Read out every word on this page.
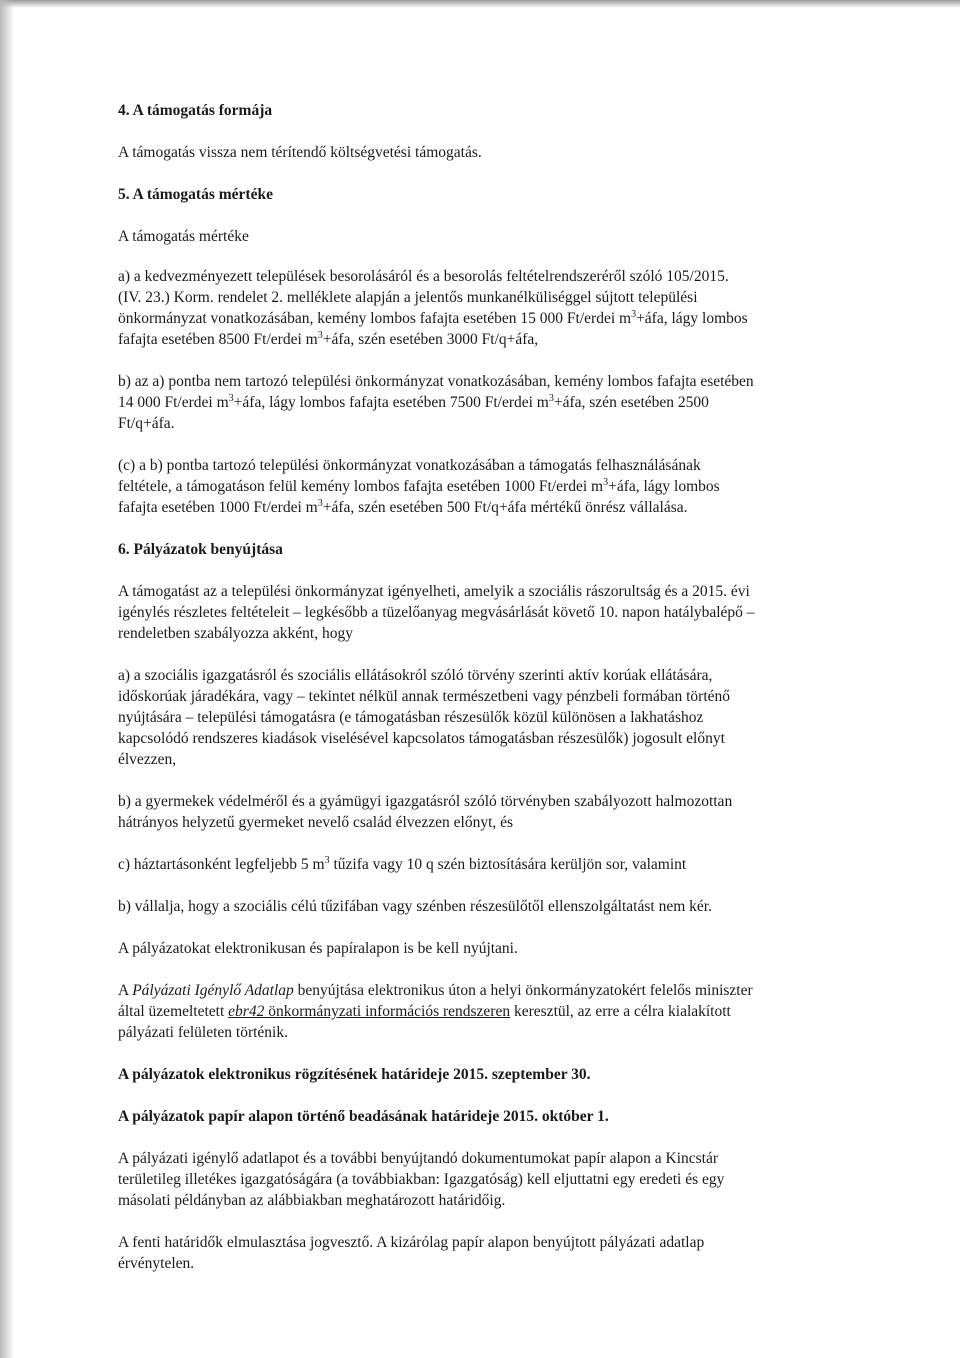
4. A támogatás formája

A támogatás vissza nem térítendő költségvetési támogatás.

5. A támogatás mértéke

A támogatás mértéke

a) a kedvezményezett települések besorolásáról és a besorolás feltételrendszeréről szóló 105/2015.

(IV. 23.) Korm. rendelet 2. melléklete alapján a jelentős munkanélküliséggel sújtott települési

önkormányzat vonatkozásában, kemény lombos fafajta esetében 15 000 Ft/erdei $m^3+áfa$, lágy lombos

fafajta esetében 8500 Ft/erdei $m^3+áfa$, szén esetében 3000 Ft/q+áfa,

b) az a) pontba nem tartozó települési önkormányzat vonatkozásában, kemény lombos fafajta esetében

14 000 Ft/erdei $m^3+áfa$, lágy lombos fafajta esetében 7500 Ft/erdei $m^3+áfa$, szén esetében 2500

Ft/q+áfa.

(c) a b) pontba tartozó települési önkormányzat vonatkozásában a támogatás felhasználásának

feltétele, a támogatáson felül kemény lombos fafajta esetében 1000 Ft/erdei $m^3+áfa$, lágy lombos

fafajta esetében 1000 Ft/erdei $m^3+áfa$, szén esetében 500 Ft/q+áfa mértékű önrész vállalása.

6. Pályázatok benyújtása

A támogatást az a települési önkormányzat igényelheti, amelyik a szociális rászorultság és a 2015. évi

igénylés részletes feltételeit – legkésőbb a tüzelőanyag megvásárlását követő 10. napon hatálybalépő –

rendeletben szabályozza akként, hogy

a) a szociális igazgatásról és szociális ellátásokról szóló törvény szerinti aktív korúak ellátására,

időskorúak járadékára, vagy – tekintet nélkül annak természetbeni vagy pénzbeli formában történő

nyújtására – települési támogatásra (e támogatásban részesülők közül különösen a lakhatáshoz

kapcsolódó rendszeres kiadások viselésével kapcsolatos támogatásban részesülők) jogosult előnyt

élvezzen,

b) a gyermekek védelméről és a gyámügyi igazgatásról szóló törvényben szabályozott halmozottan

hátrányos helyzetű gyermeket nevelő család élvezzen előnyt, és

c) háztartásonként legfeljebb 5 $m^3$ tűzifa vagy 10 q szén biztosítására kerüljön sor, valamint

b) vállalja, hogy a szociális célú tűzifában vagy szénben részesülőtől ellenszolgáltatást nem kér.

A pályázatokat elektronikusan és papíralapon is be kell nyújtani.

A Pályázati Igénylő Adatlap benyújtása elektronikus úton a helyi önkormányzatokért felelős miniszter

által üzemeltetett ebr42 önkormányzati információs rendszeren keresztül, az erre a célra kialakított

pályázati felületen történik.

A pályázatok elektronikus rögzítésének határideje 2015. szeptember 30.

A pályázatok papír alapon történő beadásának határideje 2015. október 1.

A pályázati igénylő adatlapot és a további benyújtandó dokumentumokat papír alapon a Kincstár

területileg illetékes igazgatóságára (a továbbiakban: Igazgatóság) kell eljuttatni egy eredeti és egy

másolati példányban az alábbiakban meghatározott határidőig.

A fenti határidők elmulasztása jogvesztő. A kizárólag papír alapon benyújtott pályázati adatlap

érvénytelen.
